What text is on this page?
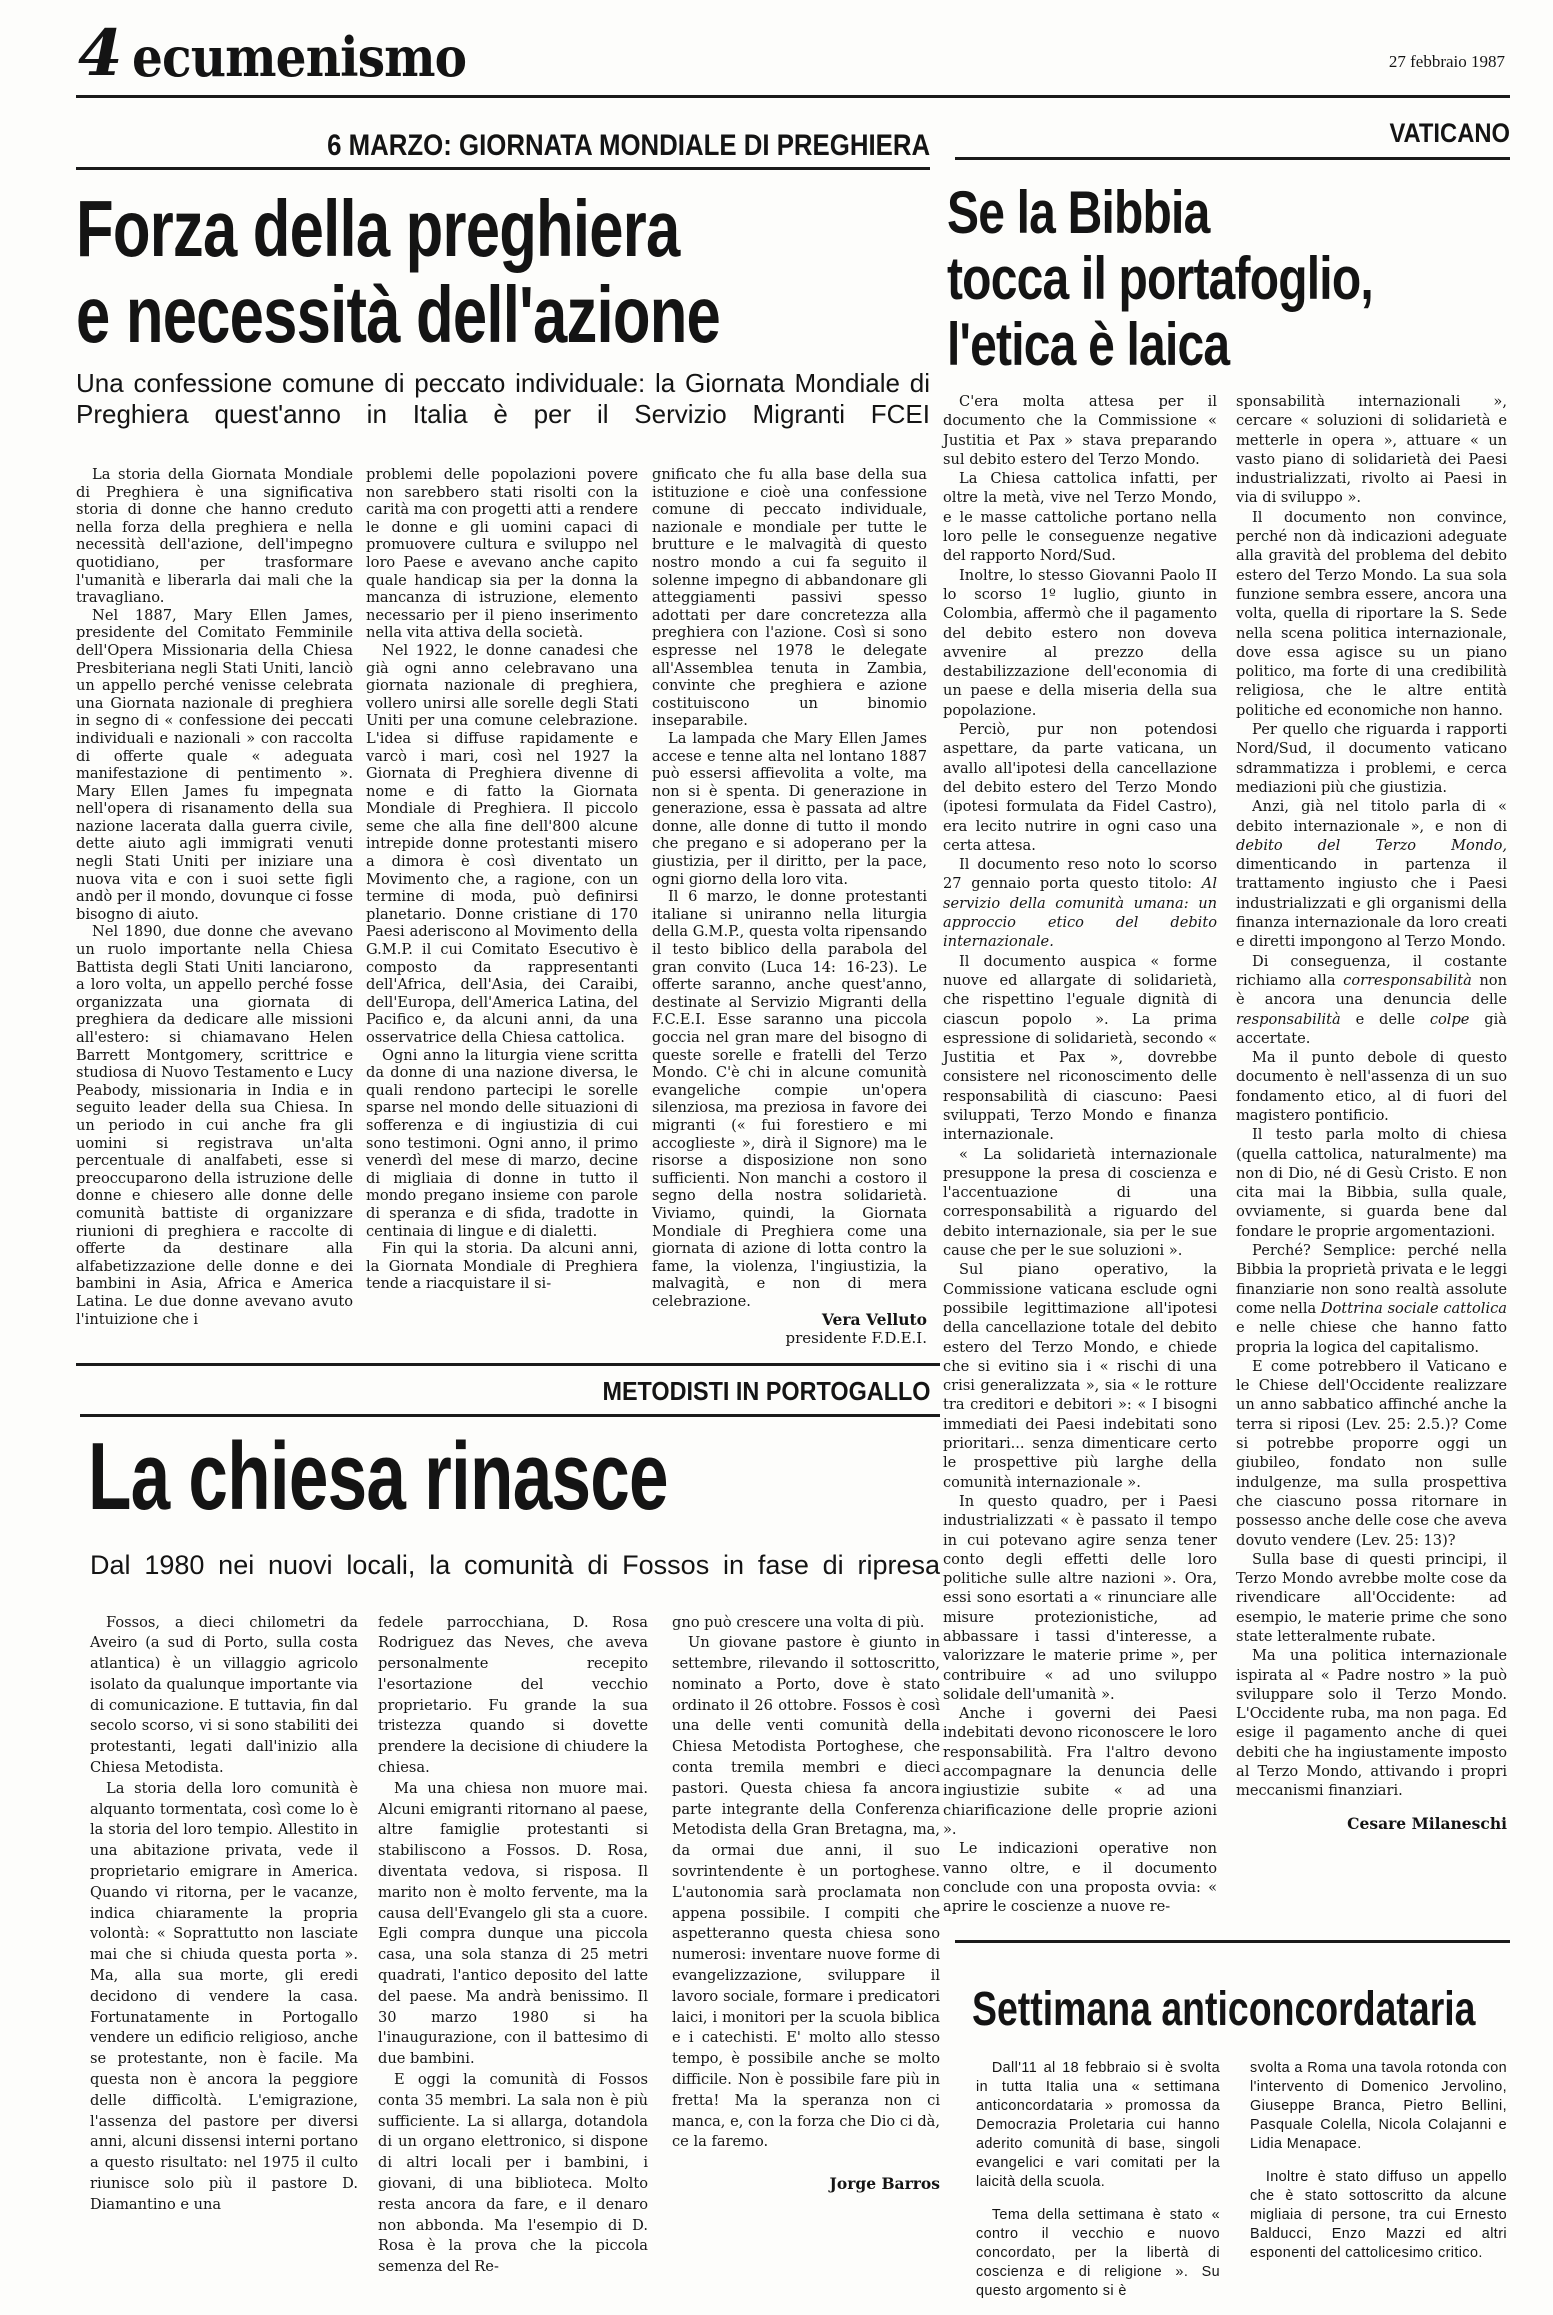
4 ecumenismo	27 febbraio 1987
6 MARZO: GIORNATA MONDIALE DI PREGHIERA
Forza della preghiera
e necessità dell'azione
Una confessione comune di peccato individuale: la Giornata Mondiale di Preghiera quest'anno in Italia è per il Servizio Migranti FCEI

La storia della Giornata Mondiale di Preghiera è una significativa storia di donne che hanno creduto nella forza della preghiera e nella necessità dell'azione, dell'impegno quotidiano, per trasformare l'umanità e liberarla dai mali che la travagliano.

Nel 1887, Mary Ellen James, presidente del Comitato Femminile dell'Opera Missionaria della Chiesa Presbiteriana negli Stati Uniti, lanciò un appello perché venisse celebrata una Giornata nazionale di preghiera in segno di « confessione dei peccati individuali e nazionali » con raccolta di offerte quale « adeguata manifestazione di pentimento ». Mary Ellen James fu impegnata nell'opera di risanamento della sua nazione lacerata dalla guerra civile, dette aiuto agli immigrati venuti negli Stati Uniti per iniziare una nuova vita e con i suoi sette figli andò per il mondo, dovunque ci fosse bisogno di aiuto.

Nel 1890, due donne che avevano un ruolo importante nella Chiesa Battista degli Stati Uniti lanciarono, a loro volta, un appello perché fosse organizzata una giornata di preghiera da dedicare alle missioni all'estero: si chiamavano Helen Barrett Montgomery, scrittrice e studiosa di Nuovo Testamento e Lucy Peabody, missionaria in India e in seguito leader della sua Chiesa. In un periodo in cui anche fra gli uomini si registrava un'alta percentuale di analfabeti, esse si preoccuparono della istruzione delle donne e chiesero alle donne delle comunità battiste di organizzare riunioni di preghiera e raccolte di offerte da destinare alla alfabetizzazione delle donne e dei bambini in Asia, Africa e America Latina. Le due donne avevano avuto l'intuizione che i

problemi delle popolazioni povere non sarebbero stati risolti con la carità ma con progetti atti a rendere le donne e gli uomini capaci di promuovere cultura e sviluppo nel loro Paese e avevano anche capito quale handicap sia per la donna la mancanza di istruzione, elemento necessario per il pieno inserimento nella vita attiva della società.

Nel 1922, le donne canadesi che già ogni anno celebravano una giornata nazionale di preghiera, vollero unirsi alle sorelle degli Stati Uniti per una comune celebrazione. L'idea si diffuse rapidamente e varcò i mari, così nel 1927 la Giornata di Preghiera divenne di nome e di fatto la Giornata Mondiale di Preghiera. Il piccolo seme che alla fine dell'800 alcune intrepide donne protestanti misero a dimora è così diventato un Movimento che, a ragione, con un termine di moda, può definirsi planetario. Donne cristiane di 170 Paesi aderiscono al Movimento della G.M.P. il cui Comitato Esecutivo è composto da rappresentanti dell'Africa, dell'Asia, dei Caraibi, dell'Europa, dell'America Latina, del Pacifico e, da alcuni anni, da una osservatrice della Chiesa cattolica.

Ogni anno la liturgia viene scritta da donne di una nazione diversa, le quali rendono partecipi le sorelle sparse nel mondo delle situazioni di sofferenza e di ingiustizia di cui sono testimoni. Ogni anno, il primo venerdì del mese di marzo, decine di migliaia di donne in tutto il mondo pregano insieme con parole di speranza e di sfida, tradotte in centinaia di lingue e di dialetti.

Fin qui la storia. Da alcuni anni, la Giornata Mondiale di Preghiera tende a riacquistare il si-

gnificato che fu alla base della sua istituzione e cioè una confessione comune di peccato individuale, nazionale e mondiale per tutte le brutture e le malvagità di questo nostro mondo a cui fa seguito il solenne impegno di abbandonare gli atteggiamenti passivi spesso adottati per dare concretezza alla preghiera con l'azione. Così si sono espresse nel 1978 le delegate all'Assemblea tenuta in Zambia, convinte che preghiera e azione costituiscono un binomio inseparabile.

La lampada che Mary Ellen James accese e tenne alta nel lontano 1887 può essersi affievolita a volte, ma non si è spenta. Di generazione in generazione, essa è passata ad altre donne, alle donne di tutto il mondo che pregano e si adoperano per la giustizia, per il diritto, per la pace, ogni giorno della loro vita.

Il 6 marzo, le donne protestanti italiane si uniranno nella liturgia della G.M.P., questa volta ripensando il testo biblico della parabola del gran convito (Luca 14: 16-23). Le offerte saranno, anche quest'anno, destinate al Servizio Migranti della F.C.E.I. Esse saranno una piccola goccia nel gran mare del bisogno di queste sorelle e fratelli del Terzo Mondo. C'è chi in alcune comunità evangeliche compie un'opera silenziosa, ma preziosa in favore dei migranti (« fui forestiero e mi accoglieste », dirà il Signore) ma le risorse a disposizione non sono sufficienti. Non manchi a costoro il segno della nostra solidarietà. Viviamo, quindi, la Giornata Mondiale di Preghiera come una giornata di azione di lotta contro la fame, la violenza, l'ingiustizia, la malvagità, e non di mera celebrazione.

Vera Velluto
presidente F.D.E.I.
METODISTI IN PORTOGALLO
La chiesa rinasce
Dal 1980 nei nuovi locali, la comunità di Fossos in fase di ripresa

Fossos, a dieci chilometri da Aveiro (a sud di Porto, sulla costa atlantica) è un villaggio agricolo isolato da qualunque importante via di comunicazione. E tuttavia, fin dal secolo scorso, vi si sono stabiliti dei protestanti, legati dall'inizio alla Chiesa Metodista.

La storia della loro comunità è alquanto tormentata, così come lo è la storia del loro tempio. Allestito in una abitazione privata, vede il proprietario emigrare in America. Quando vi ritorna, per le vacanze, indica chiaramente la propria volontà: « Soprattutto non lasciate mai che si chiuda questa porta ». Ma, alla sua morte, gli eredi decidono di vendere la casa. Fortunatamente in Portogallo vendere un edificio religioso, anche se protestante, non è facile. Ma questa non è ancora la peggiore delle difficoltà. L'emigrazione, l'assenza del pastore per diversi anni, alcuni dissensi interni portano a questo risultato: nel 1975 il culto riunisce solo più il pastore D. Diamantino e una

fedele parrocchiana, D. Rosa Rodriguez das Neves, che aveva personalmente recepito l'esortazione del vecchio proprietario. Fu grande la sua tristezza quando si dovette prendere la decisione di chiudere la chiesa.

Ma una chiesa non muore mai. Alcuni emigranti ritornano al paese, altre famiglie protestanti si stabiliscono a Fossos. D. Rosa, diventata vedova, si risposa. Il marito non è molto fervente, ma la causa dell'Evangelo gli sta a cuore. Egli compra dunque una piccola casa, una sola stanza di 25 metri quadrati, l'antico deposito del latte del paese. Ma andrà benissimo. Il 30 marzo 1980 si ha l'inaugurazione, con il battesimo di due bambini.

E oggi la comunità di Fossos conta 35 membri. La sala non è più sufficiente. La si allarga, dotandola di un organo elettronico, si dispone di altri locali per i bambini, i giovani, di una biblioteca. Molto resta ancora da fare, e il denaro non abbonda. Ma l'esempio di D. Rosa è la prova che la piccola semenza del Re-

gno può crescere una volta di più.

Un giovane pastore è giunto in settembre, rilevando il sottoscritto, nominato a Porto, dove è stato ordinato il 26 ottobre. Fossos è così una delle venti comunità della Chiesa Metodista Portoghese, che conta tremila membri e dieci pastori. Questa chiesa fa ancora parte integrante della Conferenza Metodista della Gran Bretagna, ma, da ormai due anni, il suo sovrintendente è un portoghese. L'autonomia sarà proclamata non appena possibile. I compiti che aspetteranno questa chiesa sono numerosi: inventare nuove forme di evangelizzazione, sviluppare il lavoro sociale, formare i predicatori laici, i monitori per la scuola biblica e i catechisti. E' molto allo stesso tempo, è possibile anche se molto difficile. Non è possibile fare più in fretta! Ma la speranza non ci manca, e, con la forza che Dio ci dà, ce la faremo.

Jorge Barros
VATICANO
Se la Bibbia
tocca il portafoglio,
l'etica è laica

C'era molta attesa per il documento che la Commissione « Justitia et Pax » stava preparando sul debito estero del Terzo Mondo.

La Chiesa cattolica infatti, per oltre la metà, vive nel Terzo Mondo, e le masse cattoliche portano nella loro pelle le conseguenze negative del rapporto Nord/Sud.

Inoltre, lo stesso Giovanni Paolo II lo scorso 1º luglio, giunto in Colombia, affermò che il pagamento del debito estero non doveva avvenire al prezzo della destabilizzazione dell'economia di un paese e della miseria della sua popolazione.

Perciò, pur non potendosi aspettare, da parte vaticana, un avallo all'ipotesi della cancellazione del debito estero del Terzo Mondo (ipotesi formulata da Fidel Castro), era lecito nutrire in ogni caso una certa attesa.

Il documento reso noto lo scorso 27 gennaio porta questo titolo: Al servizio della comunità umana: un approccio etico del debito internazionale.

Il documento auspica « forme nuove ed allargate di solidarietà, che rispettino l'eguale dignità di ciascun popolo ». La prima espressione di solidarietà, secondo « Justitia et Pax », dovrebbe consistere nel riconoscimento delle responsabilità di ciascuno: Paesi sviluppati, Terzo Mondo e finanza internazionale.

« La solidarietà internazionale presuppone la presa di coscienza e l'accentuazione di una corresponsabilità a riguardo del debito internazionale, sia per le sue cause che per le sue soluzioni ».

Sul piano operativo, la Commissione vaticana esclude ogni possibile legittimazione all'ipotesi della cancellazione totale del debito estero del Terzo Mondo, e chiede che si evitino sia i « rischi di una crisi generalizzata », sia « le rotture tra creditori e debitori »: « I bisogni immediati dei Paesi indebitati sono prioritari... senza dimenticare certo le prospettive più larghe della comunità internazionale ».

In questo quadro, per i Paesi industrializzati « è passato il tempo in cui potevano agire senza tener conto degli effetti delle loro politiche sulle altre nazioni ». Ora, essi sono esortati a « rinunciare alle misure protezionistiche, ad abbassare i tassi d'interesse, a valorizzare le materie prime », per contribuire « ad uno sviluppo solidale dell'umanità ».

Anche i governi dei Paesi indebitati devono riconoscere le loro responsabilità. Fra l'altro devono accompagnare la denuncia delle ingiustizie subite « ad una chiarificazione delle proprie azioni ».

Le indicazioni operative non vanno oltre, e il documento conclude con una proposta ovvia: « aprire le coscienze a nuove re-

sponsabilità internazionali », cercare « soluzioni di solidarietà e metterle in opera », attuare « un vasto piano di solidarietà dei Paesi industrializzati, rivolto ai Paesi in via di sviluppo ».

Il documento non convince, perché non dà indicazioni adeguate alla gravità del problema del debito estero del Terzo Mondo. La sua sola funzione sembra essere, ancora una volta, quella di riportare la S. Sede nella scena politica internazionale, dove essa agisce su un piano politico, ma forte di una credibilità religiosa, che le altre entità politiche ed economiche non hanno.

Per quello che riguarda i rapporti Nord/Sud, il documento vaticano sdrammatizza i problemi, e cerca mediazioni più che giustizia.

Anzi, già nel titolo parla di « debito internazionale », e non di debito del Terzo Mondo, dimenticando in partenza il trattamento ingiusto che i Paesi industrializzati e gli organismi della finanza internazionale da loro creati e diretti impongono al Terzo Mondo.

Di conseguenza, il costante richiamo alla corresponsabilità non è ancora una denuncia delle responsabilità e delle colpe già accertate.

Ma il punto debole di questo documento è nell'assenza di un suo fondamento etico, al di fuori del magistero pontificio.

Il testo parla molto di chiesa (quella cattolica, naturalmente) ma non di Dio, né di Gesù Cristo. E non cita mai la Bibbia, sulla quale, ovviamente, si guarda bene dal fondare le proprie argomentazioni.

Perché? Semplice: perché nella Bibbia la proprietà privata e le leggi finanziarie non sono realtà assolute come nella Dottrina sociale cattolica e nelle chiese che hanno fatto propria la logica del capitalismo.

E come potrebbero il Vaticano e le Chiese dell'Occidente realizzare un anno sabbatico affinché anche la terra si riposi (Lev. 25: 2.5.)? Come si potrebbe proporre oggi un giubileo, fondato non sulle indulgenze, ma sulla prospettiva che ciascuno possa ritornare in possesso anche delle cose che aveva dovuto vendere (Lev. 25: 13)?

Sulla base di questi principi, il Terzo Mondo avrebbe molte cose da rivendicare all'Occidente: ad esempio, le materie prime che sono state letteralmente rubate.

Ma una politica internazionale ispirata al « Padre nostro » la può sviluppare solo il Terzo Mondo. L'Occidente ruba, ma non paga. Ed esige il pagamento anche di quei debiti che ha ingiustamente imposto al Terzo Mondo, attivando i propri meccanismi finanziari.

Cesare Milaneschi
Settimana anticoncordataria

Dall'11 al 18 febbraio si è svolta in tutta Italia una « settimana anticoncordataria » promossa da Democrazia Proletaria cui hanno aderito comunità di base, singoli evangelici e vari comitati per la laicità della scuola.

Tema della settimana è stato « contro il vecchio e nuovo concordato, per la libertà di coscienza e di religione ». Su questo argomento si è

svolta a Roma una tavola rotonda con l'intervento di Domenico Jervolino, Giuseppe Branca, Pietro Bellini, Pasquale Colella, Nicola Colajanni e Lidia Menapace.

Inoltre è stato diffuso un appello che è stato sottoscritto da alcune migliaia di persone, tra cui Ernesto Balducci, Enzo Mazzi ed altri esponenti del cattolicesimo critico.
